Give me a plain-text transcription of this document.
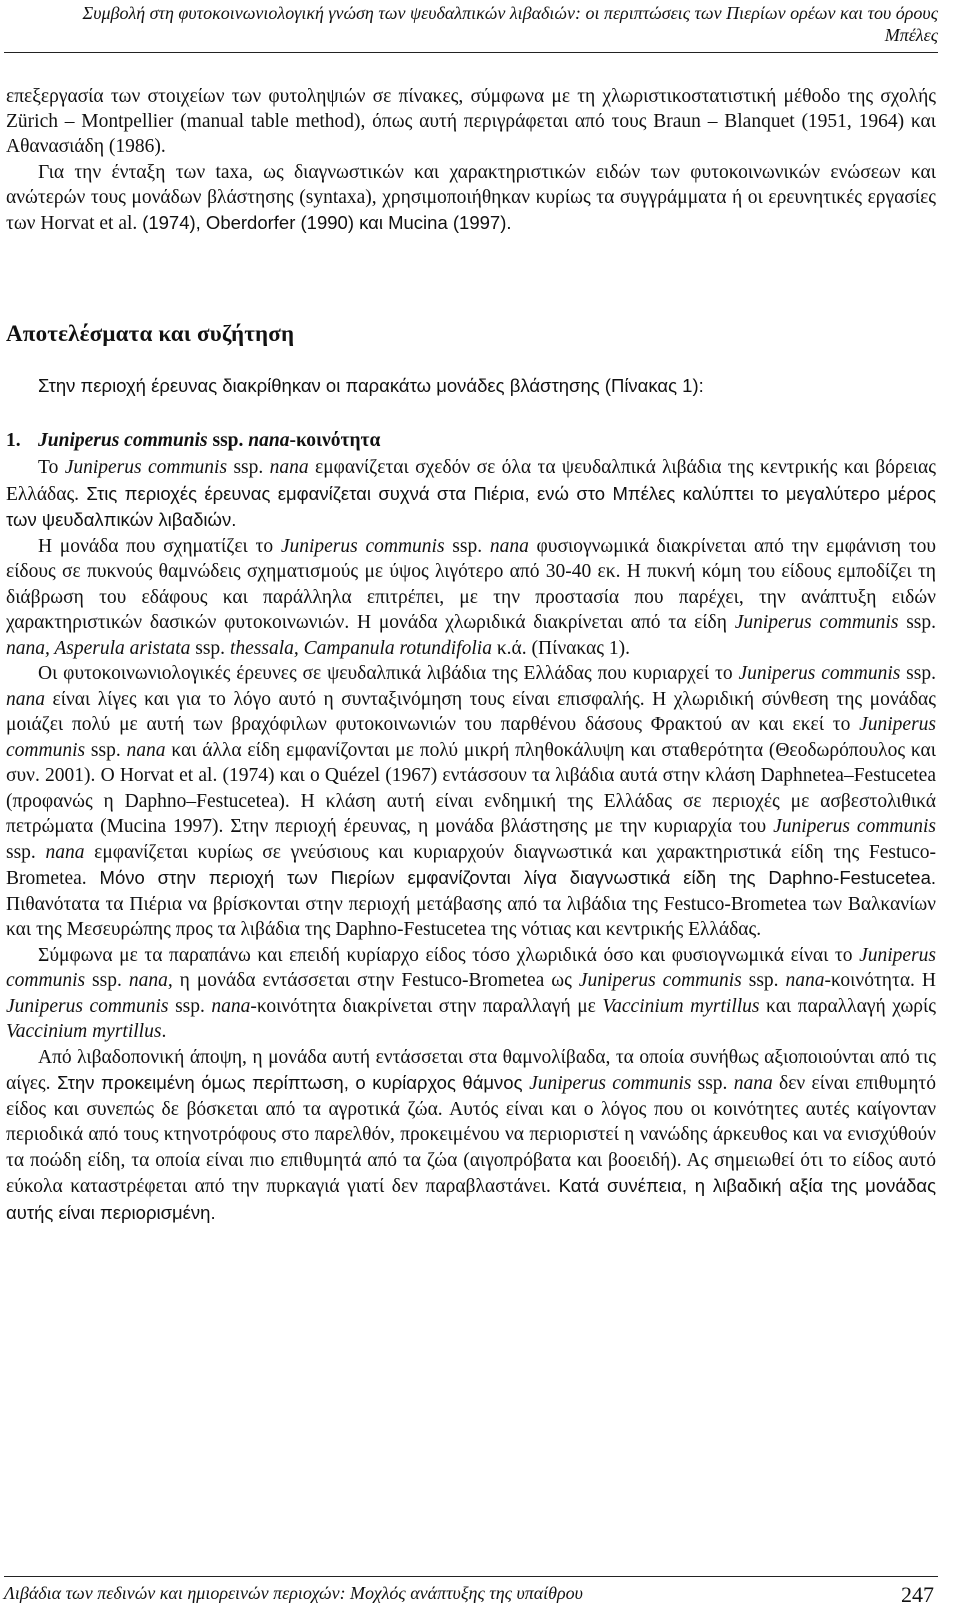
Συμβολή στη φυτοκοινωνιολογική γνώση των ψευδαλπικών λιβαδιών: οι περιπτώσεις των Πιερίων ορέων και του όρους Μπέλες

επεξεργασία των στοιχείων των φυτοληψιών σε πίνακες, σύμφωνα με τη χλωριστικοστατιστική μέθοδο της σχολής Zürich – Montpellier (manual table method), όπως αυτή περιγράφεται από τους Braun – Blanquet (1951, 1964) και Αθανασιάδη (1986).

Για την ένταξη των taxa, ως διαγνωστικών και χαρακτηριστικών ειδών των φυτοκοινωνικών ενώσεων και ανώτερών τους μονάδων βλάστησης (syntaxa), χρησιμοποιήθηκαν κυρίως τα συγγράμματα ή οι ερευνητικές εργασίες των Horvat et al. (1974), Oberdorfer (1990) και Mucina (1997).

Αποτελέσματα και συζήτηση
Στην περιοχή έρευνας διακρίθηκαν οι παρακάτω μονάδες βλάστησης (Πίνακας 1):
1. Juniperus communis ssp. nana-κοινότητα

Το Juniperus communis ssp. nana εμφανίζεται σχεδόν σε όλα τα ψευδαλπικά λιβάδια της κεντρικής και βόρειας Ελλάδας. Στις περιοχές έρευνας εμφανίζεται συχνά στα Πιέρια, ενώ στο Μπέλες καλύπτει το μεγαλύτερο μέρος των ψευδαλπικών λιβαδιών.

Η μονάδα που σχηματίζει το Juniperus communis ssp. nana φυσιογνωμικά διακρίνεται από την εμφάνιση του είδους σε πυκνούς θαμνώδεις σχηματισμούς με ύψος λιγότερο από 30-40 εκ. Η πυκνή κόμη του είδους εμποδίζει τη διάβρωση του εδάφους και παράλληλα επιτρέπει, με την προστασία που παρέχει, την ανάπτυξη ειδών χαρακτηριστικών δασικών φυτοκοινωνιών. Η μονάδα χλωριδικά διακρίνεται από τα είδη Juniperus communis ssp. nana, Asperula aristata ssp. thessala, Campanula rotundifolia κ.ά. (Πίνακας 1).

Οι φυτοκοινωνιολογικές έρευνες σε ψευδαλπικά λιβάδια της Ελλάδας που κυριαρχεί το Juniperus communis ssp. nana είναι λίγες και για το λόγο αυτό η συνταξινόμηση τους είναι επισφαλής. Η χλωριδική σύνθεση της μονάδας μοιάζει πολύ με αυτή των βραχόφιλων φυτοκοινωνιών του παρθένου δάσους Φρακτού αν και εκεί το Juniperus communis ssp. nana και άλλα είδη εμφανίζονται με πολύ μικρή πληθοκάλυψη και σταθερότητα (Θεοδωρόπουλος και συν. 2001). Ο Horvat et al. (1974) και ο Quézel (1967) εντάσσουν τα λιβάδια αυτά στην κλάση Daphnetea–Festucetea (προφανώς η Daphno–Festucetea). Η κλάση αυτή είναι ενδημική της Ελλάδας σε περιοχές με ασβεστολιθικά πετρώματα (Mucina 1997). Στην περιοχή έρευνας, η μονάδα βλάστησης με την κυριαρχία του Juniperus communis ssp. nana εμφανίζεται κυρίως σε γνεύσιους και κυριαρχούν διαγνωστικά και χαρακτηριστικά είδη της Festuco-Brometea. Μόνο στην περιοχή των Πιερίων εμφανίζονται λίγα διαγνωστικά είδη της Daphno-Festucetea. Πιθανότατα τα Πιέρια να βρίσκονται στην περιοχή μετάβασης από τα λιβάδια της Festuco-Brometea των Βαλκανίων και της Μεσευρώπης προς τα λιβάδια της Daphno-Festucetea της νότιας και κεντρικής Ελλάδας.

Σύμφωνα με τα παραπάνω και επειδή κυρίαρχο είδος τόσο χλωριδικά όσο και φυσιογνωμικά είναι το Juniperus communis ssp. nana, η μονάδα εντάσσεται στην Festuco-Brometea ως Juniperus communis ssp. nana-κοινότητα. Η Juniperus communis ssp. nana-κοινότητα διακρίνεται στην παραλλαγή με Vaccinium myrtillus και παραλλαγή χωρίς Vaccinium myrtillus.

Από λιβαδοπονική άποψη, η μονάδα αυτή εντάσσεται στα θαμνολίβαδα, τα οποία συνήθως αξιοποιούνται από τις αίγες. Στην προκειμένη όμως περίπτωση, ο κυρίαρχος θάμνος Juniperus communis ssp. nana δεν είναι επιθυμητό είδος και συνεπώς δε βόσκεται από τα αγροτικά ζώα. Αυτός είναι και ο λόγος που οι κοινότητες αυτές καίγονταν περιοδικά από τους κτηνοτρόφους στο παρελθόν, προκειμένου να περιοριστεί η νανώδης άρκευθος και να ενισχύθούν τα ποώδη είδη, τα οποία είναι πιο επιθυμητά από τα ζώα (αιγοπρόβατα και βοοειδή). Ας σημειωθεί ότι το είδος αυτό εύκολα καταστρέφεται από την πυρκαγιά γιατί δεν παραβλαστάνει. Κατά συνέπεια, η λιβαδική αξία της μονάδας αυτής είναι περιορισμένη.

Λιβάδια των πεδινών και ημιορεινών περιοχών: Μοχλός ανάπτυξης της υπαίθρου	247
